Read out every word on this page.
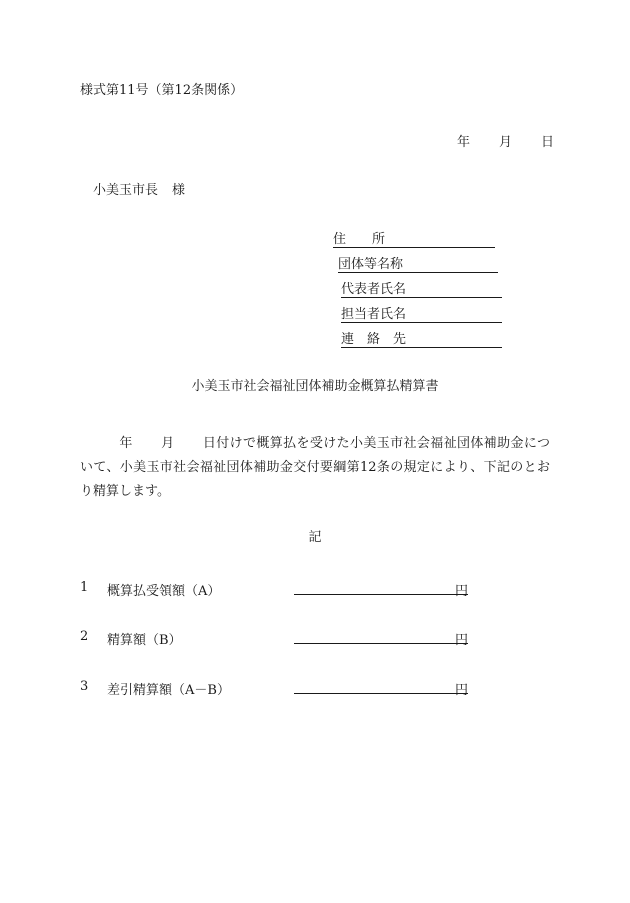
様式第11号（第12条関係）
年 月 日
小美玉市長 様
住　　所
団体等名称
代表者氏名
担当者氏名
連　絡　先
小美玉市社会福祉団体補助金概算払精算書
年 月 日付けで概算払を受けた小美玉市社会福祉団体補助金について、小美玉市社会福祉団体補助金交付要綱第12条の規定により、下記のとおり精算します。
記
1 概算払受領額（A）	円
2 精算額（B）	円
3 差引精算額（A－B）	円
